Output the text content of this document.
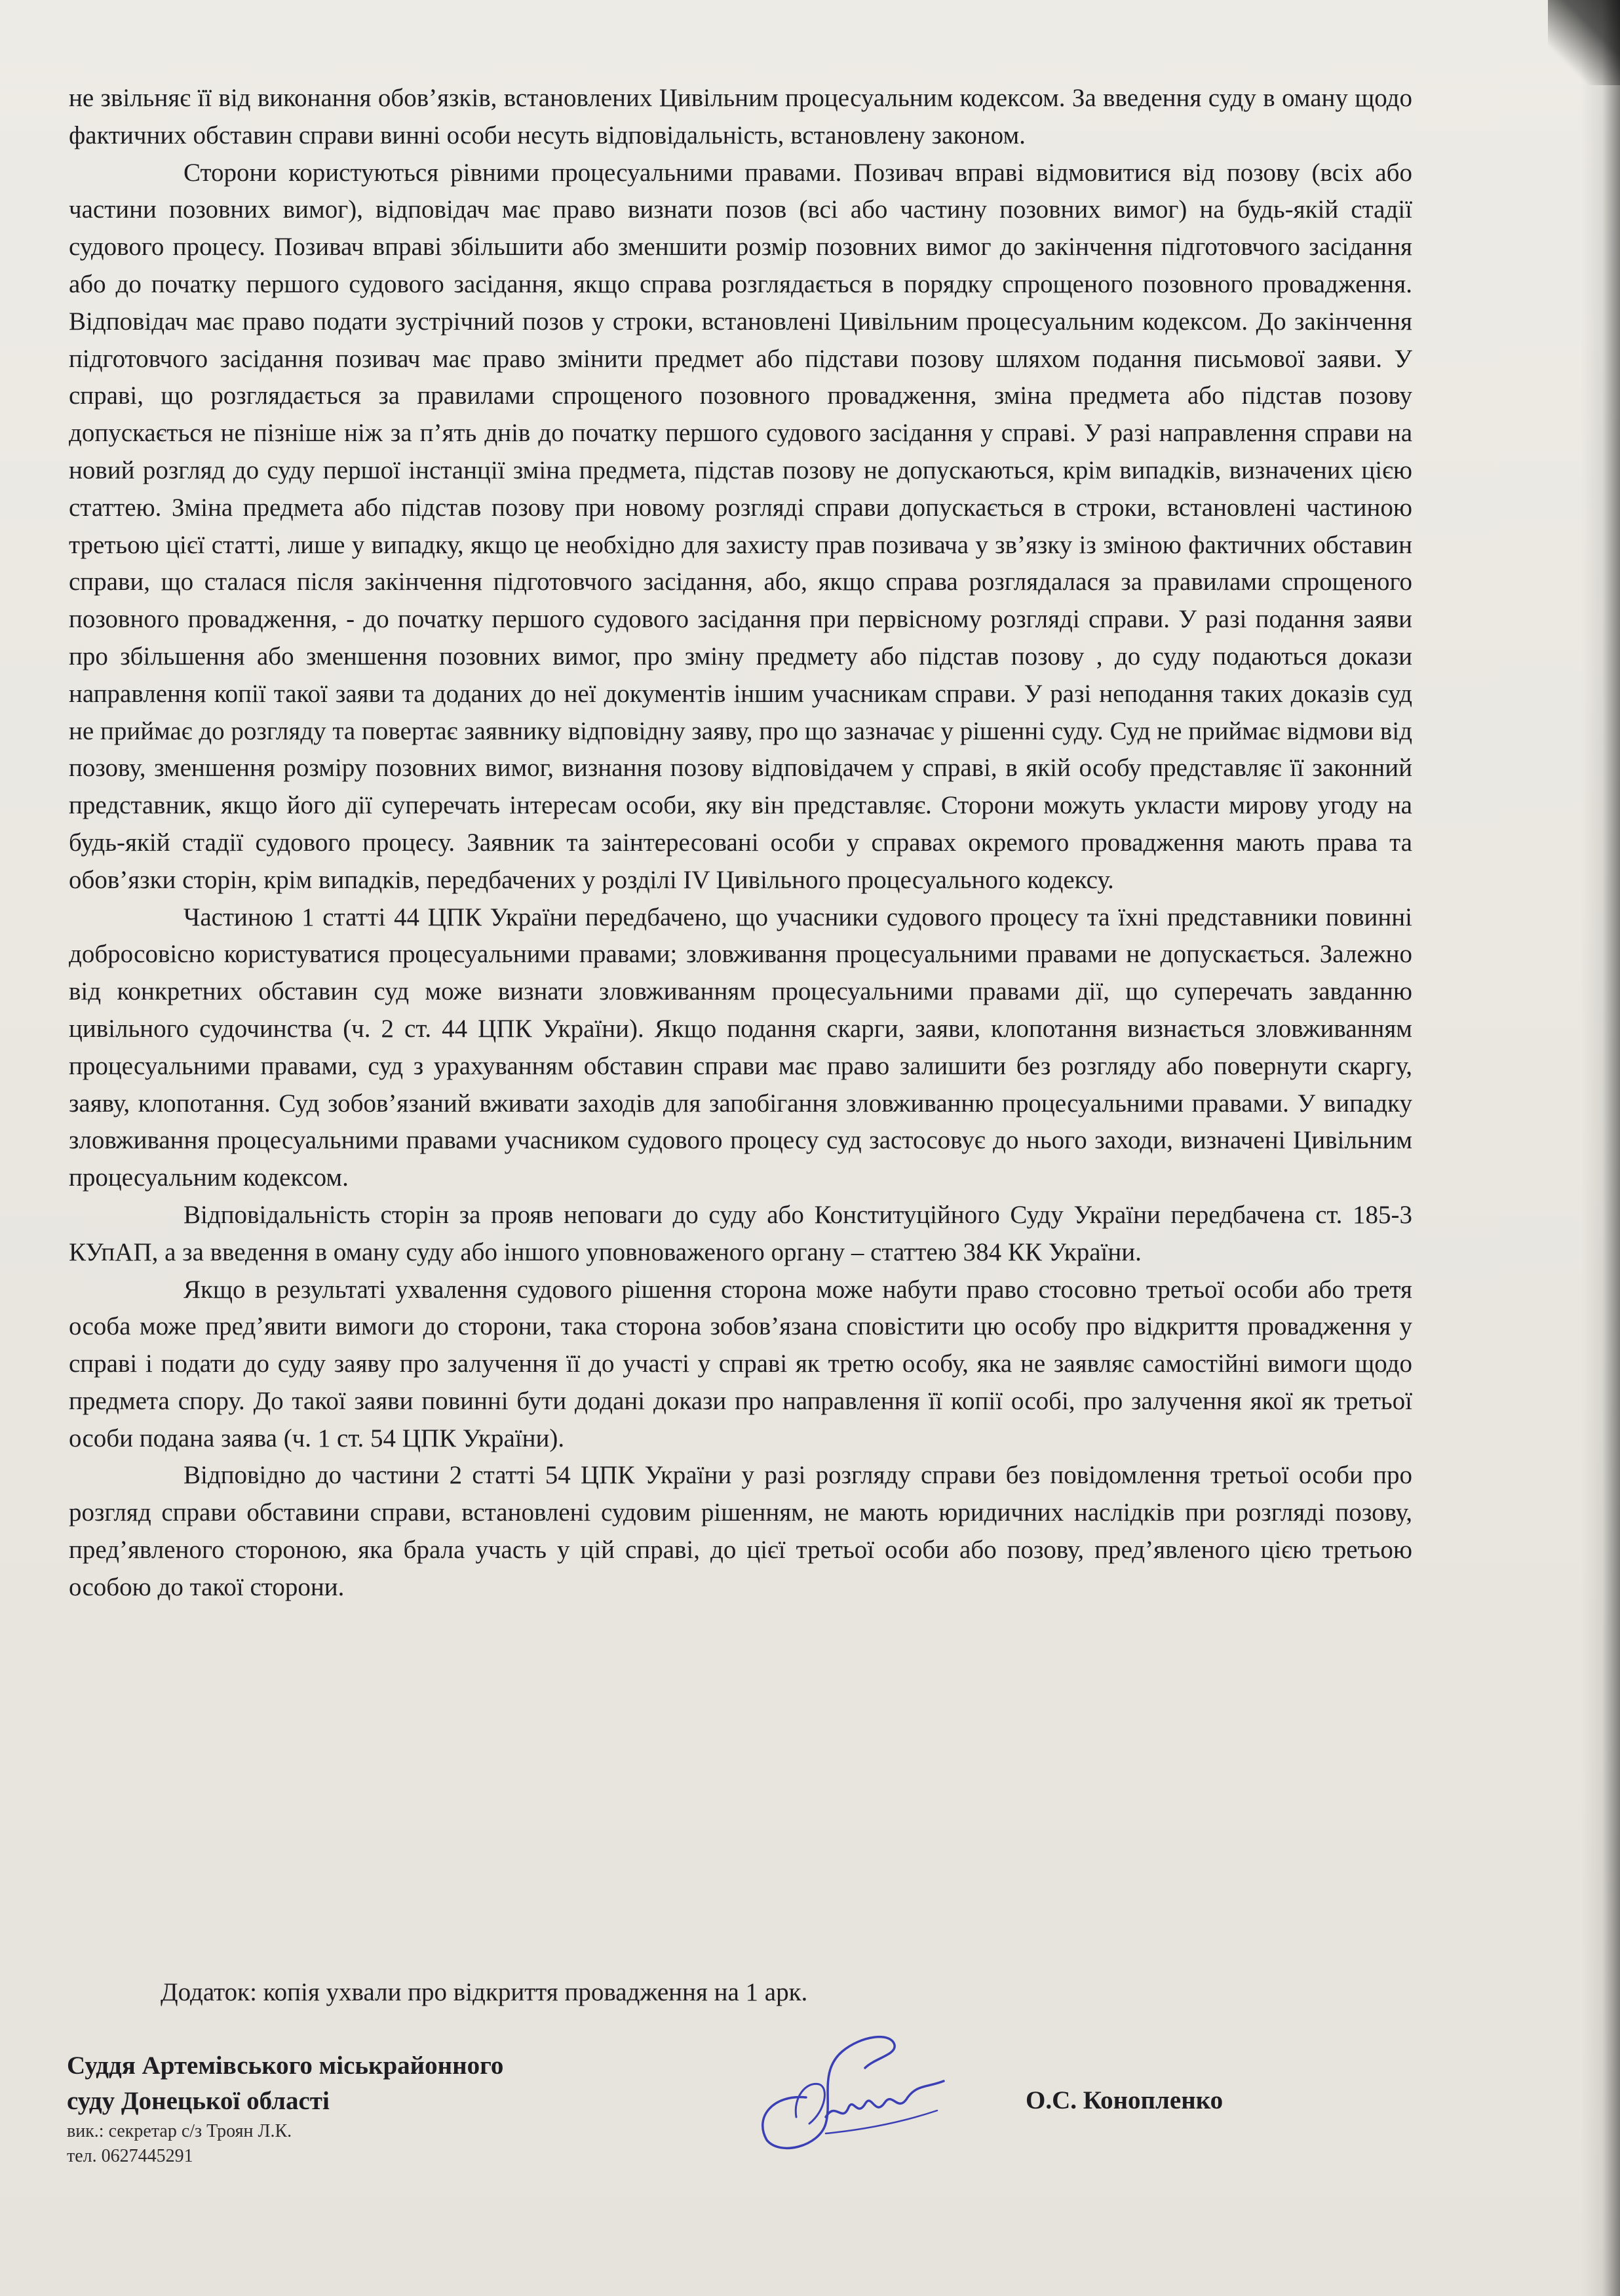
не звільняє її від виконання обов’язків, встановлених Цивільним процесуальним кодексом. За введення суду в оману щодо фактичних обставин справи винні особи несуть відповідальність, встановлену законом.

Сторони користуються рівними процесуальними правами. Позивач вправі відмовитися від позову (всіх або частини позовних вимог), відповідач має право визнати позов (всі або частину позовних вимог) на будь-якій стадії судового процесу. Позивач вправі збільшити або зменшити розмір позовних вимог до закінчення підготовчого засідання або до початку першого судового засідання, якщо справа розглядається в порядку спрощеного позовного провадження. Відповідач має право подати зустрічний позов у строки, встановлені Цивільним процесуальним кодексом. До закінчення підготовчого засідання позивач має право змінити предмет або підстави позову шляхом подання письмової заяви. У справі, що розглядається за правилами спрощеного позовного провадження, зміна предмета або підстав позову допускається не пізніше ніж за п’ять днів до початку першого судового засідання у справі. У разі направлення справи на новий розгляд до суду першої інстанції зміна предмета, підстав позову не допускаються, крім випадків, визначених цією статтею. Зміна предмета або підстав позову при новому розгляді справи допускається в строки, встановлені частиною третьою цієї статті, лише у випадку, якщо це необхідно для захисту прав позивача у зв’язку із зміною фактичних обставин справи, що сталася після закінчення підготовчого засідання, або, якщо справа розглядалася за правилами спрощеного позовного провадження, - до початку першого судового засідання при первісному розгляді справи. У разі подання заяви про збільшення або зменшення позовних вимог, про зміну предмету або підстав позову , до суду подаються докази направлення копії такої заяви та доданих до неї документів іншим учасникам справи. У разі неподання таких доказів суд не приймає до розгляду та повертає заявнику відповідну заяву, про що зазначає у рішенні суду. Суд не приймає відмови від позову, зменшення розміру позовних вимог, визнання позову відповідачем у справі, в якій особу представляє її законний представник, якщо його дії суперечать інтересам особи, яку він представляє. Сторони можуть укласти мирову угоду на будь-якій стадії судового процесу. Заявник та заінтересовані особи у справах окремого провадження мають права та обов’язки сторін, крім випадків, передбачених у розділі IV Цивільного процесуального кодексу.

Частиною 1 статті 44 ЦПК України передбачено, що учасники судового процесу та їхні представники повинні добросовісно користуватися процесуальними правами; зловживання процесуальними правами не допускається. Залежно від конкретних обставин суд може визнати зловживанням процесуальними правами дії, що суперечать завданню цивільного судочинства (ч. 2 ст. 44 ЦПК України). Якщо подання скарги, заяви, клопотання визнається зловживанням процесуальними правами, суд з урахуванням обставин справи має право залишити без розгляду або повернути скаргу, заяву, клопотання. Суд зобов’язаний вживати заходів для запобігання зловживанню процесуальними правами. У випадку зловживання процесуальними правами учасником судового процесу суд застосовує до нього заходи, визначені Цивільним процесуальним кодексом.

Відповідальність сторін за прояв неповаги до суду або Конституційного Суду України передбачена ст. 185-3 КУпАП, а за введення в оману суду або іншого уповноваженого органу – статтею 384 КК України.

Якщо в результаті ухвалення судового рішення сторона може набути право стосовно третьої особи або третя особа може пред’явити вимоги до сторони, така сторона зобов’язана сповістити цю особу про відкриття провадження у справі і подати до суду заяву про залучення її до участі у справі як третю особу, яка не заявляє самостійні вимоги щодо предмета спору. До такої заяви повинні бути додані докази про направлення її копії особі, про залучення якої як третьої особи подана заява (ч. 1 ст. 54 ЦПК України).

Відповідно до частини 2 статті 54 ЦПК України у разі розгляду справи без повідомлення третьої особи про розгляд справи обставини справи, встановлені судовим рішенням, не мають юридичних наслідків при розгляді позову, пред’явленого стороною, яка брала участь у цій справі, до цієї третьої особи або позову, пред’явленого цією третьою особою до такої сторони.

Додаток: копія ухвали про відкриття провадження на 1 арк.

Суддя Артемівського міськрайонного

суду Донецької області

вик.: секретар с/з Троян Л.К.

тел. 0627445291

О.С. Конопленко
